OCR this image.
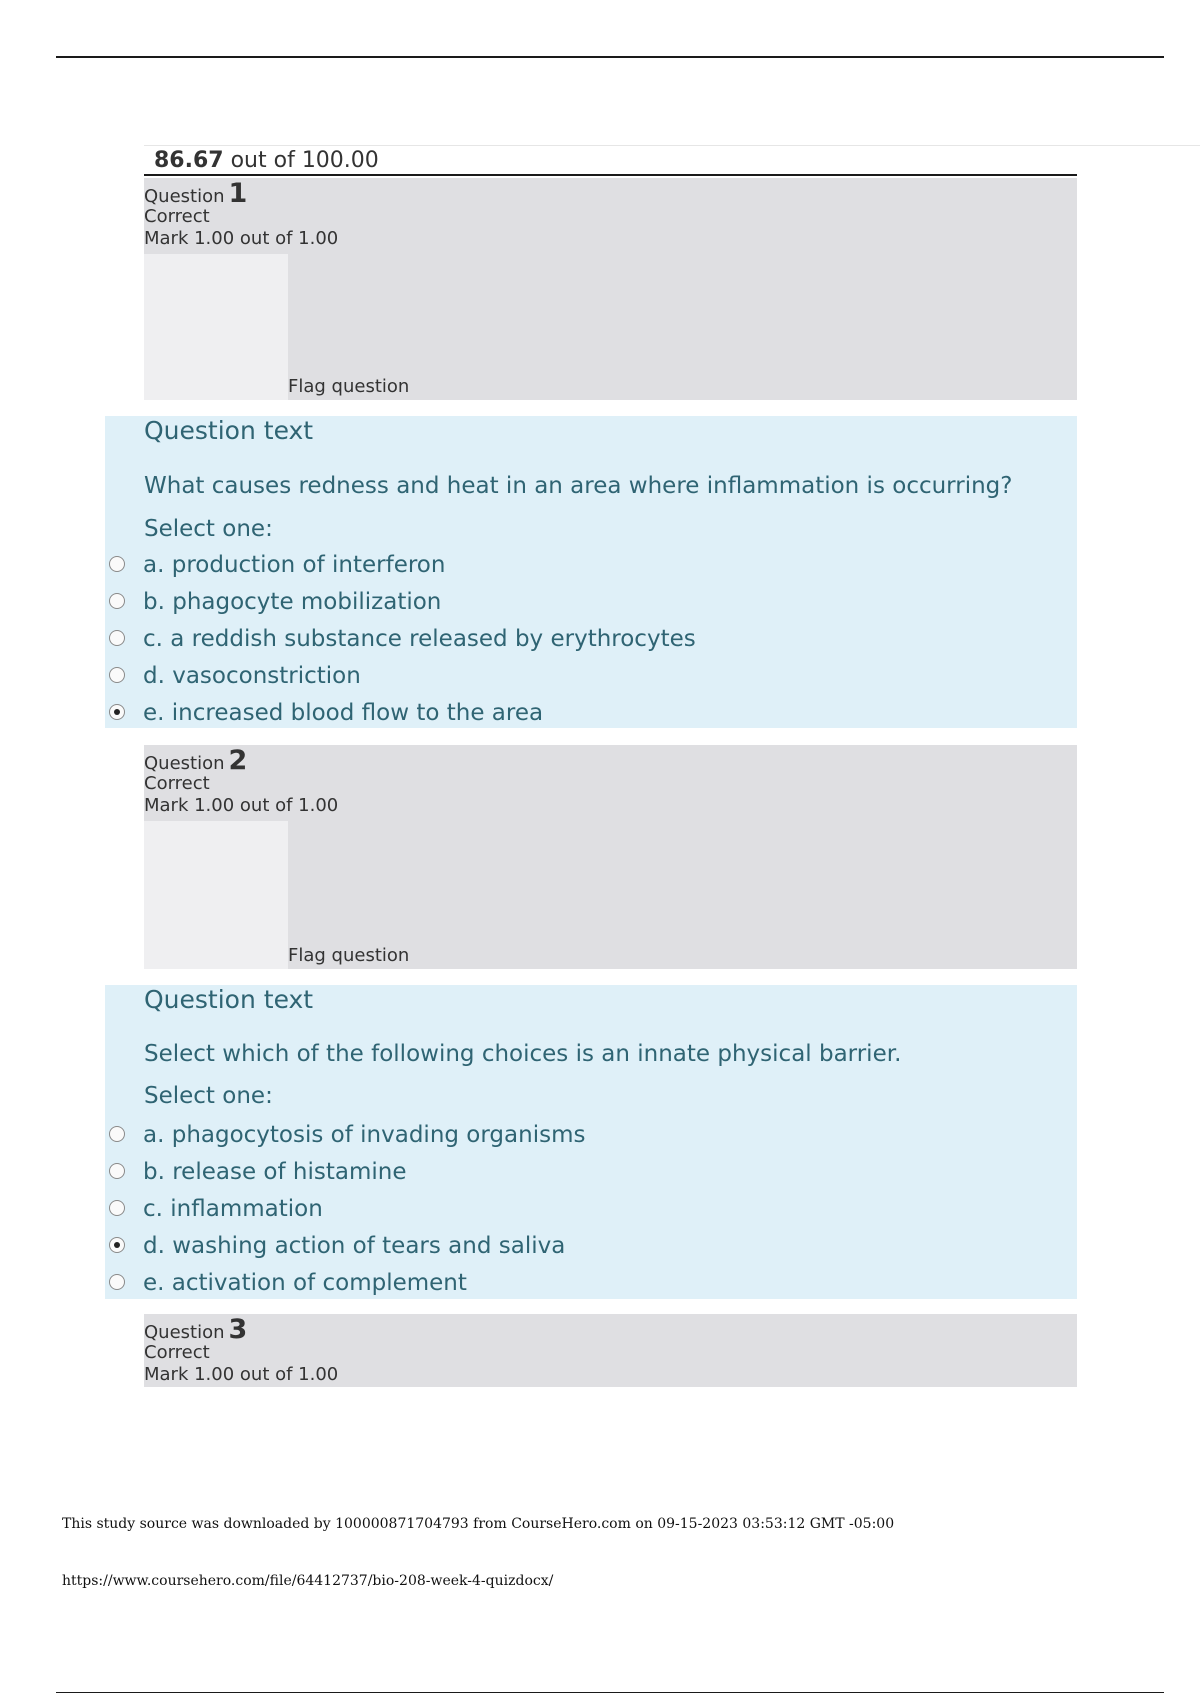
86.67 out of 100.00
Question 1
Correct
Mark 1.00 out of 1.00
Flag question
Question text
What causes redness and heat in an area where inflammation is occurring?
Select one:
a. production of interferon
b. phagocyte mobilization
c. a reddish substance released by erythrocytes
d. vasoconstriction
e. increased blood flow to the area
Question 2
Correct
Mark 1.00 out of 1.00
Flag question
Question text
Select which of the following choices is an innate physical barrier.
Select one:
a. phagocytosis of invading organisms
b. release of histamine
c. inflammation
d. washing action of tears and saliva
e. activation of complement
Question 3
Correct
Mark 1.00 out of 1.00
This study source was downloaded by 100000871704793 from CourseHero.com on 09-15-2023 03:53:12 GMT -05:00
https://www.coursehero.com/file/64412737/bio-208-week-4-quizdocx/
